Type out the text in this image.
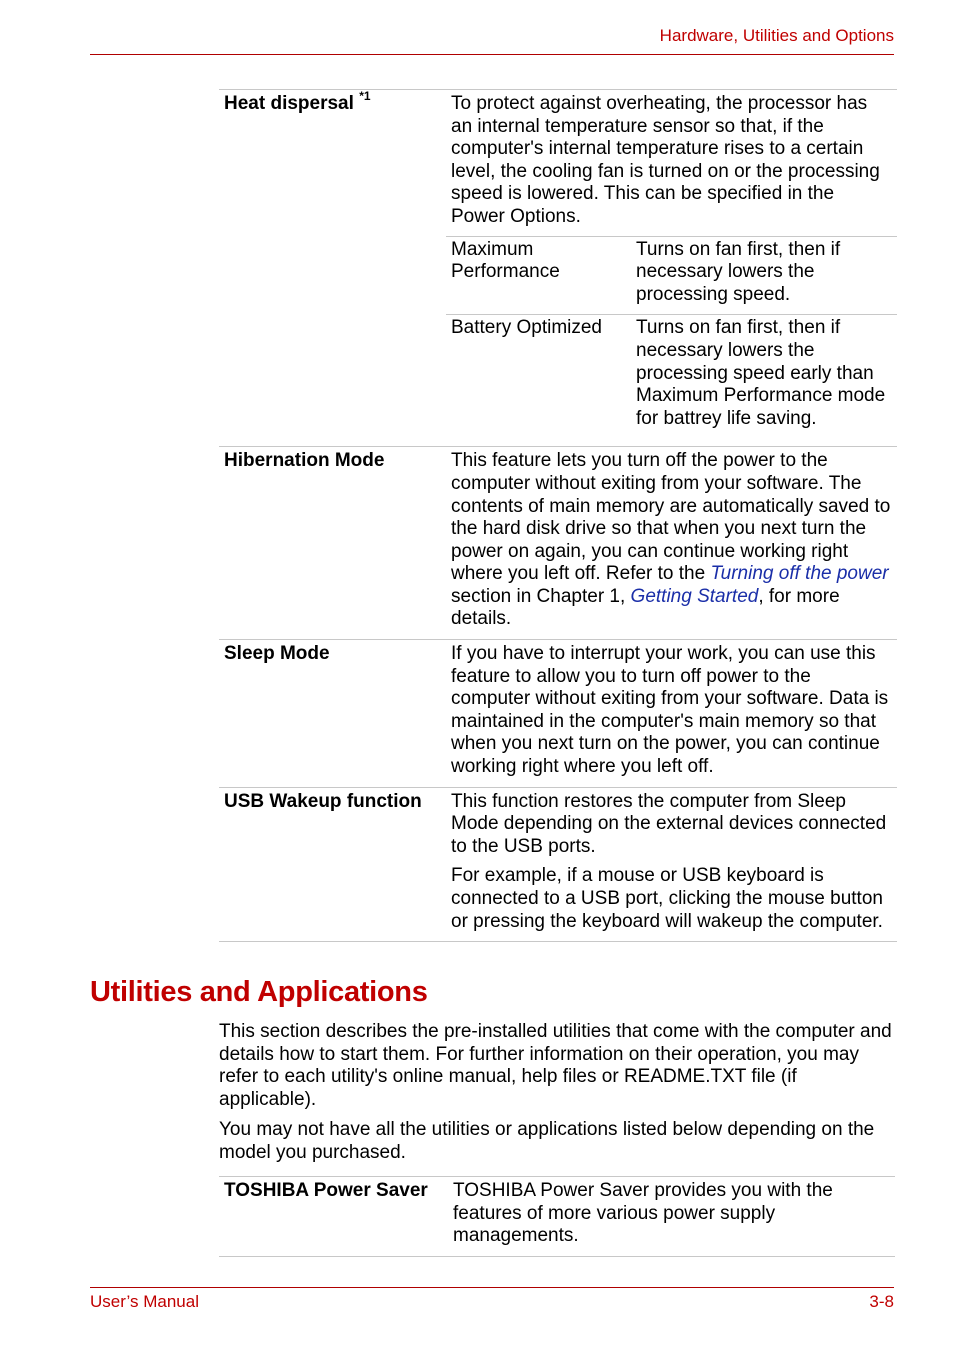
Hardware, Utilities and Options
Heat dispersal $^{*1}$	To protect against overheating, the processor has an internal temperature sensor so that, if the computer's internal temperature rises to a certain level, the cooling fan is turned on or the processing speed is lowered. This can be specified in the Power Options.

Maximum Performance	Turns on fan first, then if necessary lowers the processing speed.
Battery Optimized	Turns on fan first, then if necessary lowers the processing speed early than Maximum Performance mode for battrey life saving.

Hibernation Mode	This feature lets you turn off the power to the computer without exiting from your software. The contents of main memory are automatically saved to the hard disk drive so that when you next turn the power on again, you can continue working right where you left off. Refer to the Turning off the power section in Chapter 1, Getting Started, for more details.

Sleep Mode	If you have to interrupt your work, you can use this feature to allow you to turn off power to the computer without exiting from your software. Data is maintained in the computer's main memory so that when you next turn on the power, you can continue working right where you left off.

USB Wakeup function	This function restores the computer from Sleep Mode depending on the external devices connected to the USB ports.

For example, if a mouse or USB keyboard is connected to a USB port, clicking the mouse button or pressing the keyboard will wakeup the computer.

Utilities and Applications

This section describes the pre-installed utilities that come with the computer and details how to start them. For further information on their operation, you may refer to each utility's online manual, help files or README.TXT file (if applicable).

You may not have all the utilities or applications listed below depending on the model you purchased.

TOSHIBA Power Saver	TOSHIBA Power Saver provides you with the features of more various power supply managements.
User’s Manual	3-8
